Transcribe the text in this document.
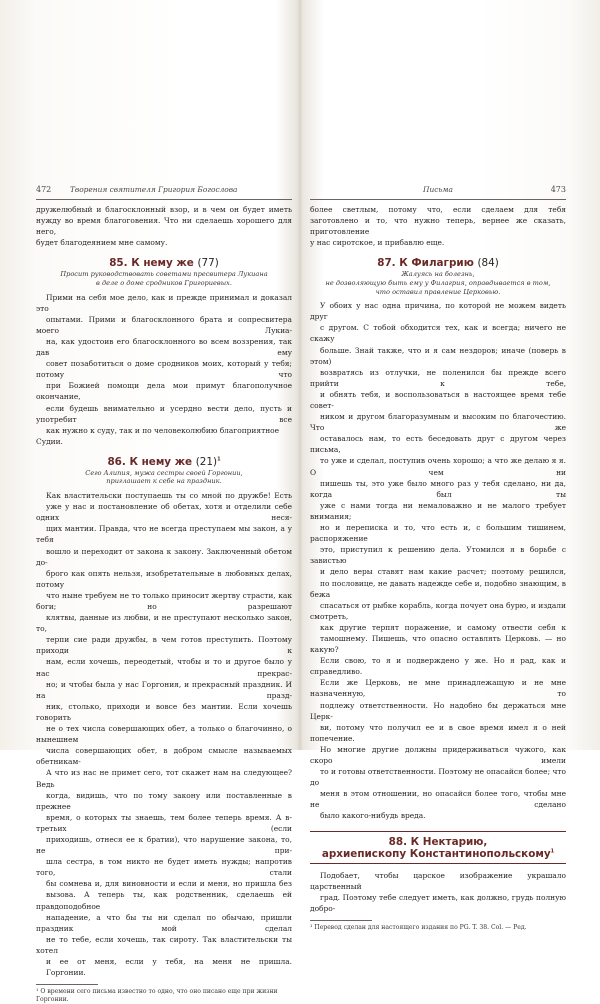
472	Творения святителя Григория Богослова

дружелюбный и благосклонный взор, и в чем он будет иметь
нужду во время благоговения. Что ни сделаешь хорошего для него,
будет благодеянием мне самому.

85. К нему же (77)
Просит руководствовать советами пресвитера Лукиана
в деле о доме сродников Григориевых.

Прими на себя мое дело, как и прежде принимал и доказал это
опытами. Прими и благосклонного брата и сопресвитера моего Лукиа-
на, как удостоив его благосклонного во всем воззрения, так дав ему
совет позаботиться о доме сродников моих, который у тебя; потому что
при Божией помощи дела мои примут благополучное окончание,
если будешь внимательно и усердно вести дело, пусть и употребит все
как нужно к суду, так и по человеколюбию благоприятное Судии.

86. К нему же $(21)^1$
Сего Алипия, мужа сестры своей Горгонии,
приглашает к себе на праздник.

Как властительски поступаешь ты со мной по дружбе! Есть
уже у нас и постановление об обетах, хотя и отделили себе одних неся-
щих мантии. Правда, что не всегда преступаем мы закон, а у тебя
вошло и переходит от закона к закону. Заключенный обетом до-
брого как опять нельзя, изобретательные в любовных делах, потому
что ныне требуем не то только приносит жертву страсти, как боги; но разрешают
клятвы, данные из любви, и не преступают несколько закон, то,
терпи сие ради дружбы, в чем готов преступить. Поэтому приходи к
нам, если хочешь, переодетый, чтобы и то и другое было у нас прекрас-
но; и чтобы была у нас Горгония, и прекрасный праздник. И на празд-
ник, столько, приходи и вовсе без мантии. Если хочешь говорить
не о тех числа совершающих обет, а только о благочинно, о нынешнем
числа совершающих обет, в добром смысле называемых обетникам-
А что из нас не примет сего, тот скажет нам на следующее? Ведь
когда, видишь, что по тому закону или поставленные в прежнее
время, о которых ты знаешь, тем более теперь время. А в-третьих (если
приходишь, отнеся ее к братии), что нарушение закона, то, не при-
шла сестра, в том никто не будет иметь нужды; напротив того, стали
бы сомнева и, для виновности и если и меня, но пришла без
вызова. А теперь ты, как родственник, сделаешь ей правдоподобное
нападение, а что бы ты ни сделал по обычаю, пришли праздник мой сделал
не то тебе, если хочешь, так сироту. Так властительски ты хотел
и ее от меня, если у тебя, на меня не пришла.
Горгонии.

¹ О времени сего письма известно то одно, что оно писано еще при жизни Горгонии.

Письма	473

более светлым, потому что, если сделаем для тебя
заготовлено и то, что нужно теперь, вернее же сказать, приготовление
у нас сиротское, и прибавлю еще.

87. К Филагрию (84)
Жалуясь на болезнь,
не дозволяющую быть ему у Филагрия, оправдывается в том,
что оставил правление Церковью.

У обоих у нас одна причина, по которой не можем видеть друг
с другом. С тобой обходится тех, как и всегда; ничего не скажу
больше. Знай также, что и я сам нездоров; иначе (поверь в этом)
возвратясь из отлучки, не поленился бы прежде всего прийти к тебе,
и обнять тебя, и воспользоваться в настоящее время тебе совет-
ником и другом благоразумным и высоким по благочестию. Что же
оставалось нам, то есть беседовать друг с другом через письма,
то уже и сделал, поступив очень хорошо; а что же делаю я я. О чем ни
пишешь ты, это уже было много раз у тебя сделано, ни да, когда был ты
уже с нами тогда ни немаловажно и не малого требует внимания;
но и переписка и то, что есть и, с большим тишинем, распоряжение
это, приступил к решению дела. Утомился я в борьбе с завистью
и дело веры ставят нам какие расчет; поэтому решился,
по пословице, не давать надежде себе и, подобно знающим, в бежа
спасаться от рыбке корабль, когда почует она бурю, и издали смотреть,
как другие терпят поражение, и самому отвести себя к
тамошнему. Пишешь, что опасно оставлять Церковь. — но какую?
Если свою, то я и подверждено у же. Но я рад, как и справедливо.
Если же Церковь, не мне принадлежащую и не мне назначенную, то
подлежу ответственности. Но надобно бы держаться мне Церк-
ви, потому что получил ее и в свое время имел я о ней попечение.
Но многие другие должны придерживаться чужого, как скоро имели
то и готовы ответственности. Поэтому не опасайся более; что до
меня в этом отношении, но опасайся более того, чтобы мне не сделано
было какого-нибудь вреда.

88. К Нектарию,
архиепископу Константинопольскому$^1$

Подобает, чтобы царское изображение украшало царственный
град. Поэтому тебе следует иметь, как должно, грудь полную добро-

¹ Перевод сделан для настоящего издания по PG. T. 38. Col. — Ред.
